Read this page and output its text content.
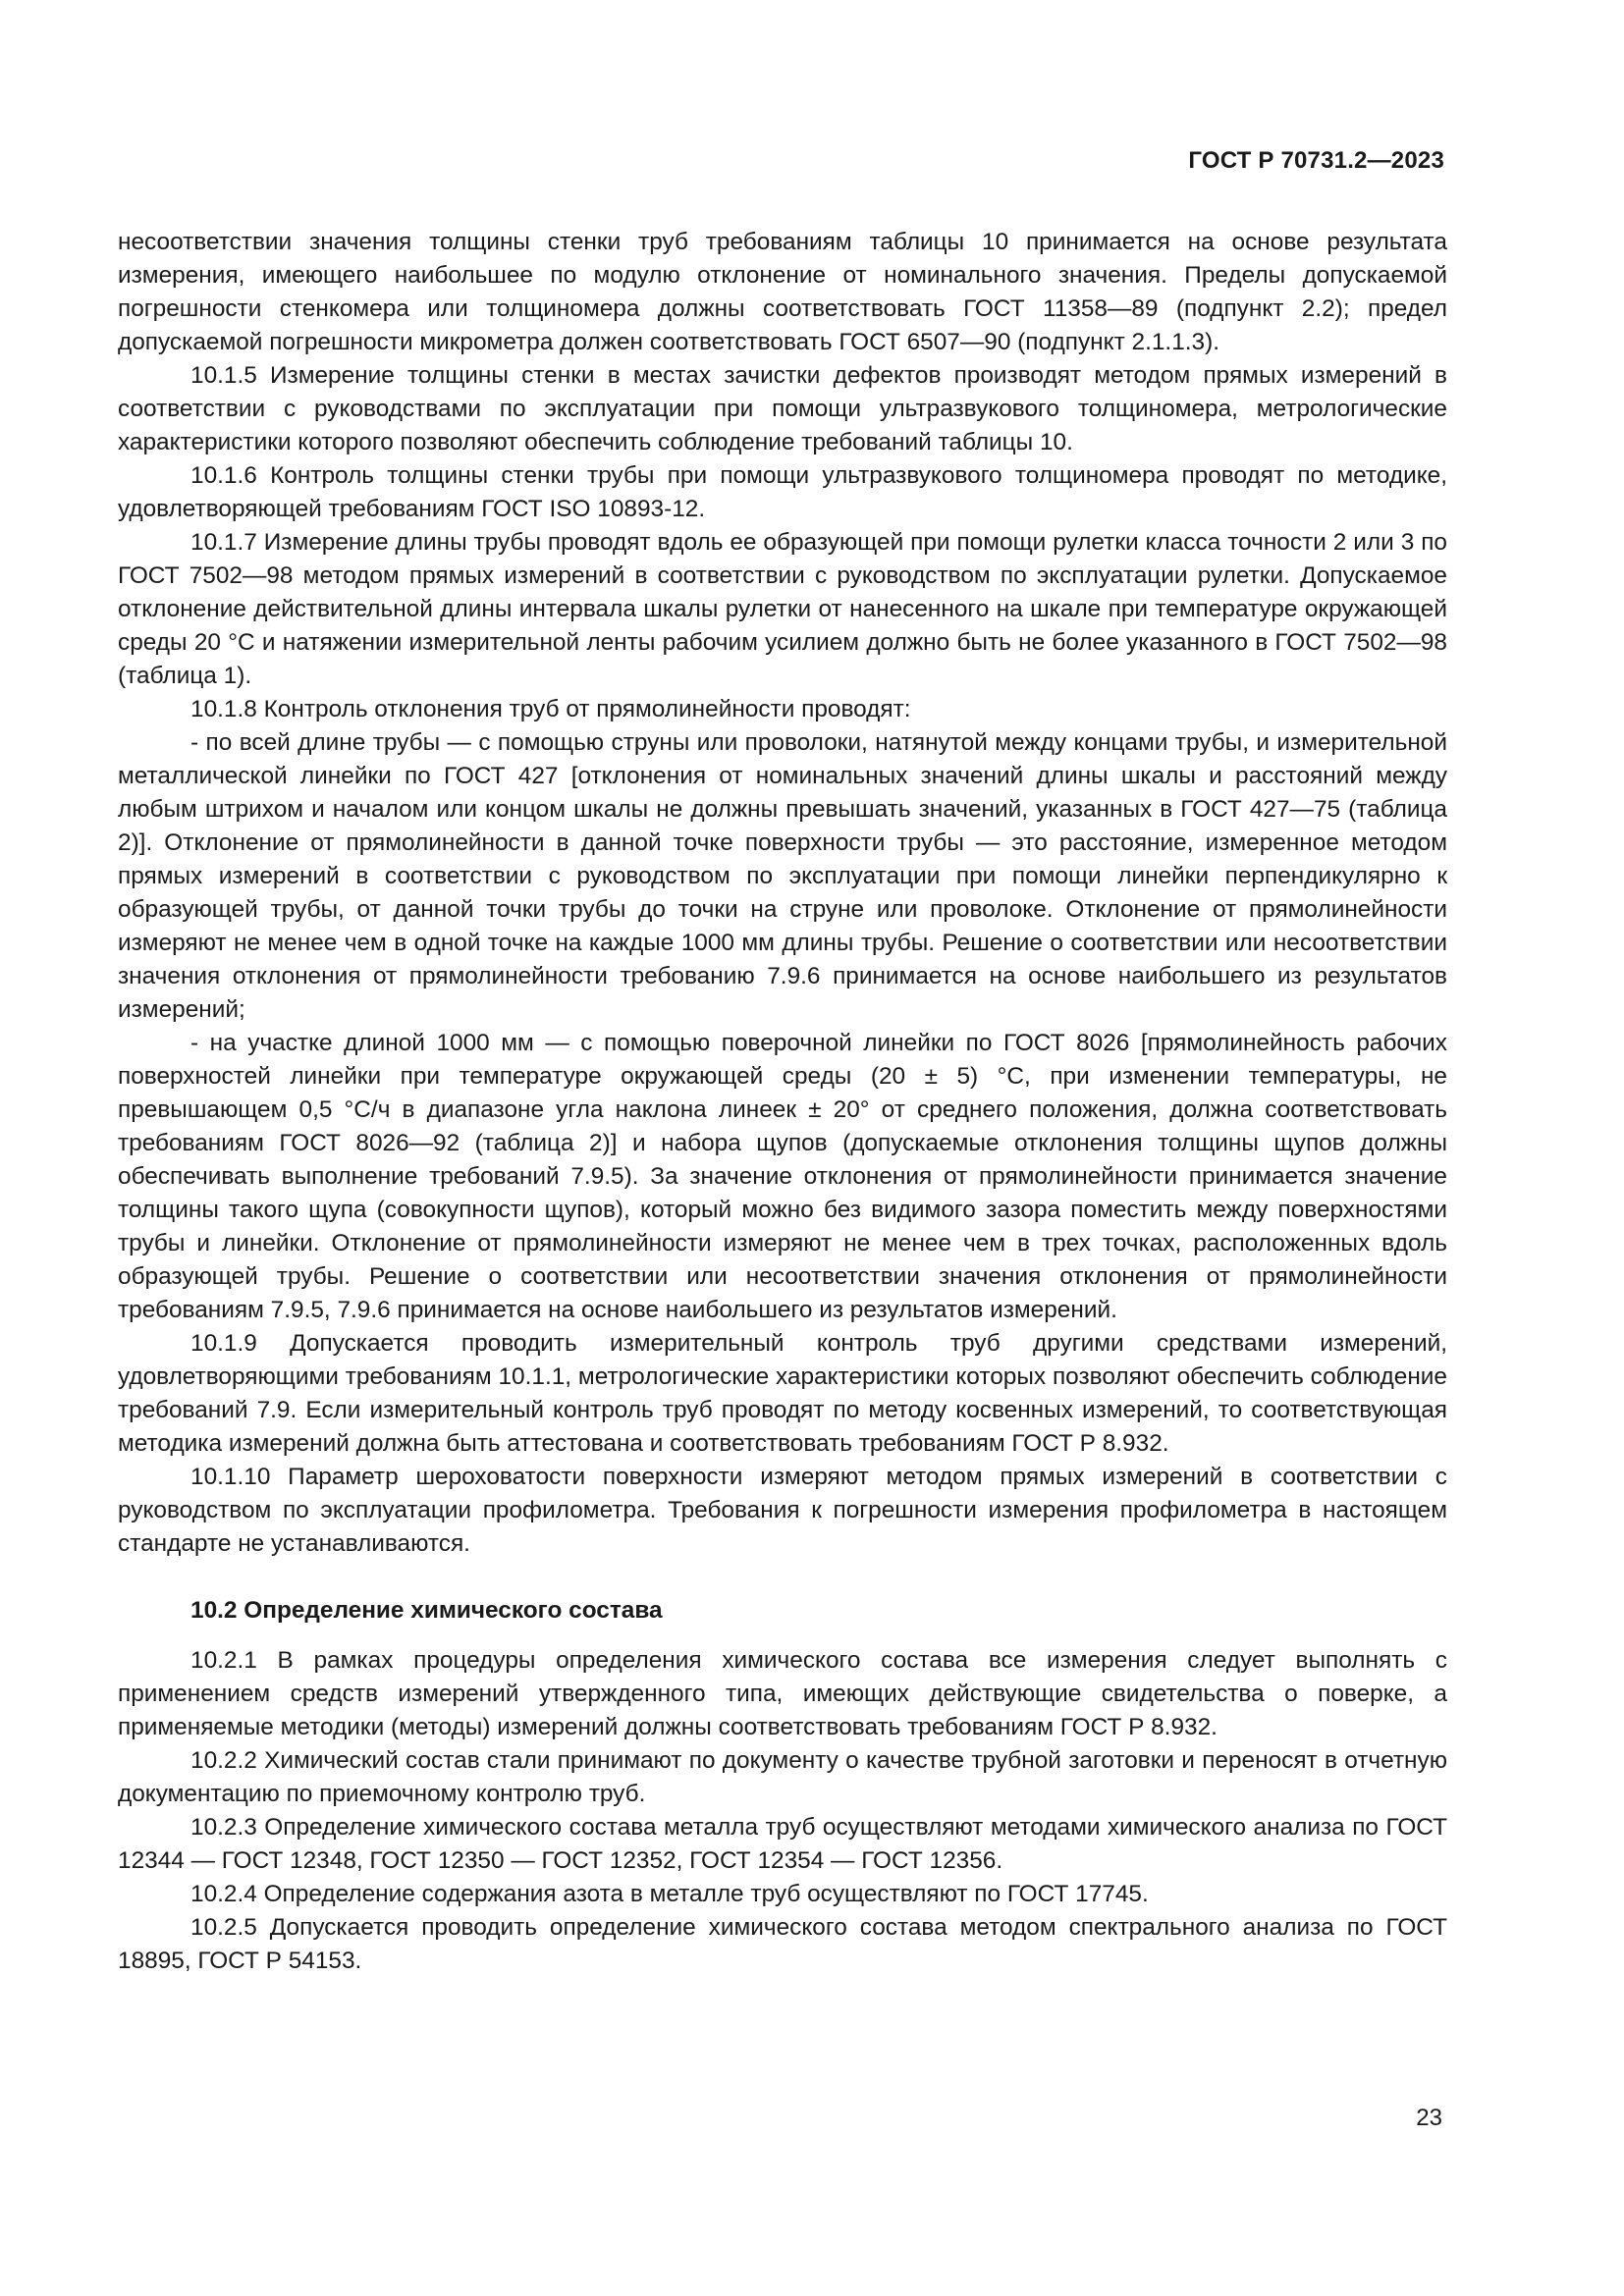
ГОСТ Р 70731.2—2023

несоответствии значения толщины стенки труб требованиям таблицы 10 принимается на основе результата измерения, имеющего наибольшее по модулю отклонение от номинального значения. Пределы допускаемой погрешности стенкомера или толщиномера должны соответствовать ГОСТ 11358—89 (подпункт 2.2); предел допускаемой погрешности микрометра должен соответствовать ГОСТ 6507—90 (подпункт 2.1.1.3).

10.1.5 Измерение толщины стенки в местах зачистки дефектов производят методом прямых измерений в соответствии с руководствами по эксплуатации при помощи ультразвукового толщиномера, метрологические характеристики которого позволяют обеспечить соблюдение требований таблицы 10.

10.1.6 Контроль толщины стенки трубы при помощи ультразвукового толщиномера проводят по методике, удовлетворяющей требованиям ГОСТ ISO 10893-12.

10.1.7 Измерение длины трубы проводят вдоль ее образующей при помощи рулетки класса точности 2 или 3 по ГОСТ 7502—98 методом прямых измерений в соответствии с руководством по эксплуатации рулетки. Допускаемое отклонение действительной длины интервала шкалы рулетки от нанесенного на шкале при температуре окружающей среды 20 °С и натяжении измерительной ленты рабочим усилием должно быть не более указанного в ГОСТ 7502—98 (таблица 1).

10.1.8 Контроль отклонения труб от прямолинейности проводят:

- по всей длине трубы — с помощью струны или проволоки, натянутой между концами трубы, и измерительной металлической линейки по ГОСТ 427 [отклонения от номинальных значений длины шкалы и расстояний между любым штрихом и началом или концом шкалы не должны превышать значений, указанных в ГОСТ 427—75 (таблица 2)]. Отклонение от прямолинейности в данной точке поверхности трубы — это расстояние, измеренное методом прямых измерений в соответствии с руководством по эксплуатации при помощи линейки перпендикулярно к образующей трубы, от данной точки трубы до точки на струне или проволоке. Отклонение от прямолинейности измеряют не менее чем в одной точке на каждые 1000 мм длины трубы. Решение о соответствии или несоответствии значения отклонения от прямолинейности требованию 7.9.6 принимается на основе наибольшего из результатов измерений;

- на участке длиной 1000 мм — с помощью поверочной линейки по ГОСТ 8026 [прямолинейность рабочих поверхностей линейки при температуре окружающей среды (20 ± 5) °С, при изменении температуры, не превышающем 0,5 °С/ч в диапазоне угла наклона линеек ± 20° от среднего положения, должна соответствовать требованиям ГОСТ 8026—92 (таблица 2)] и набора щупов (допускаемые отклонения толщины щупов должны обеспечивать выполнение требований 7.9.5). За значение отклонения от прямолинейности принимается значение толщины такого щупа (совокупности щупов), который можно без видимого зазора поместить между поверхностями трубы и линейки. Отклонение от прямолинейности измеряют не менее чем в трех точках, расположенных вдоль образующей трубы. Решение о соответствии или несоответствии значения отклонения от прямолинейности требованиям 7.9.5, 7.9.6 принимается на основе наибольшего из результатов измерений.

10.1.9 Допускается проводить измерительный контроль труб другими средствами измерений, удовлетворяющими требованиям 10.1.1, метрологические характеристики которых позволяют обеспечить соблюдение требований 7.9. Если измерительный контроль труб проводят по методу косвенных измерений, то соответствующая методика измерений должна быть аттестована и соответствовать требованиям ГОСТ Р 8.932.

10.1.10 Параметр шероховатости поверхности измеряют методом прямых измерений в соответствии с руководством по эксплуатации профилометра. Требования к погрешности измерения профилометра в настоящем стандарте не устанавливаются.

10.2 Определение химического состава

10.2.1 В рамках процедуры определения химического состава все измерения следует выполнять с применением средств измерений утвержденного типа, имеющих действующие свидетельства о поверке, а применяемые методики (методы) измерений должны соответствовать требованиям ГОСТ Р 8.932.

10.2.2 Химический состав стали принимают по документу о качестве трубной заготовки и переносят в отчетную документацию по приемочному контролю труб.

10.2.3 Определение химического состава металла труб осуществляют методами химического анализа по ГОСТ 12344 — ГОСТ 12348, ГОСТ 12350 — ГОСТ 12352, ГОСТ 12354 — ГОСТ 12356.

10.2.4 Определение содержания азота в металле труб осуществляют по ГОСТ 17745.

10.2.5 Допускается проводить определение химического состава методом спектрального анализа по ГОСТ 18895, ГОСТ Р 54153.

23
